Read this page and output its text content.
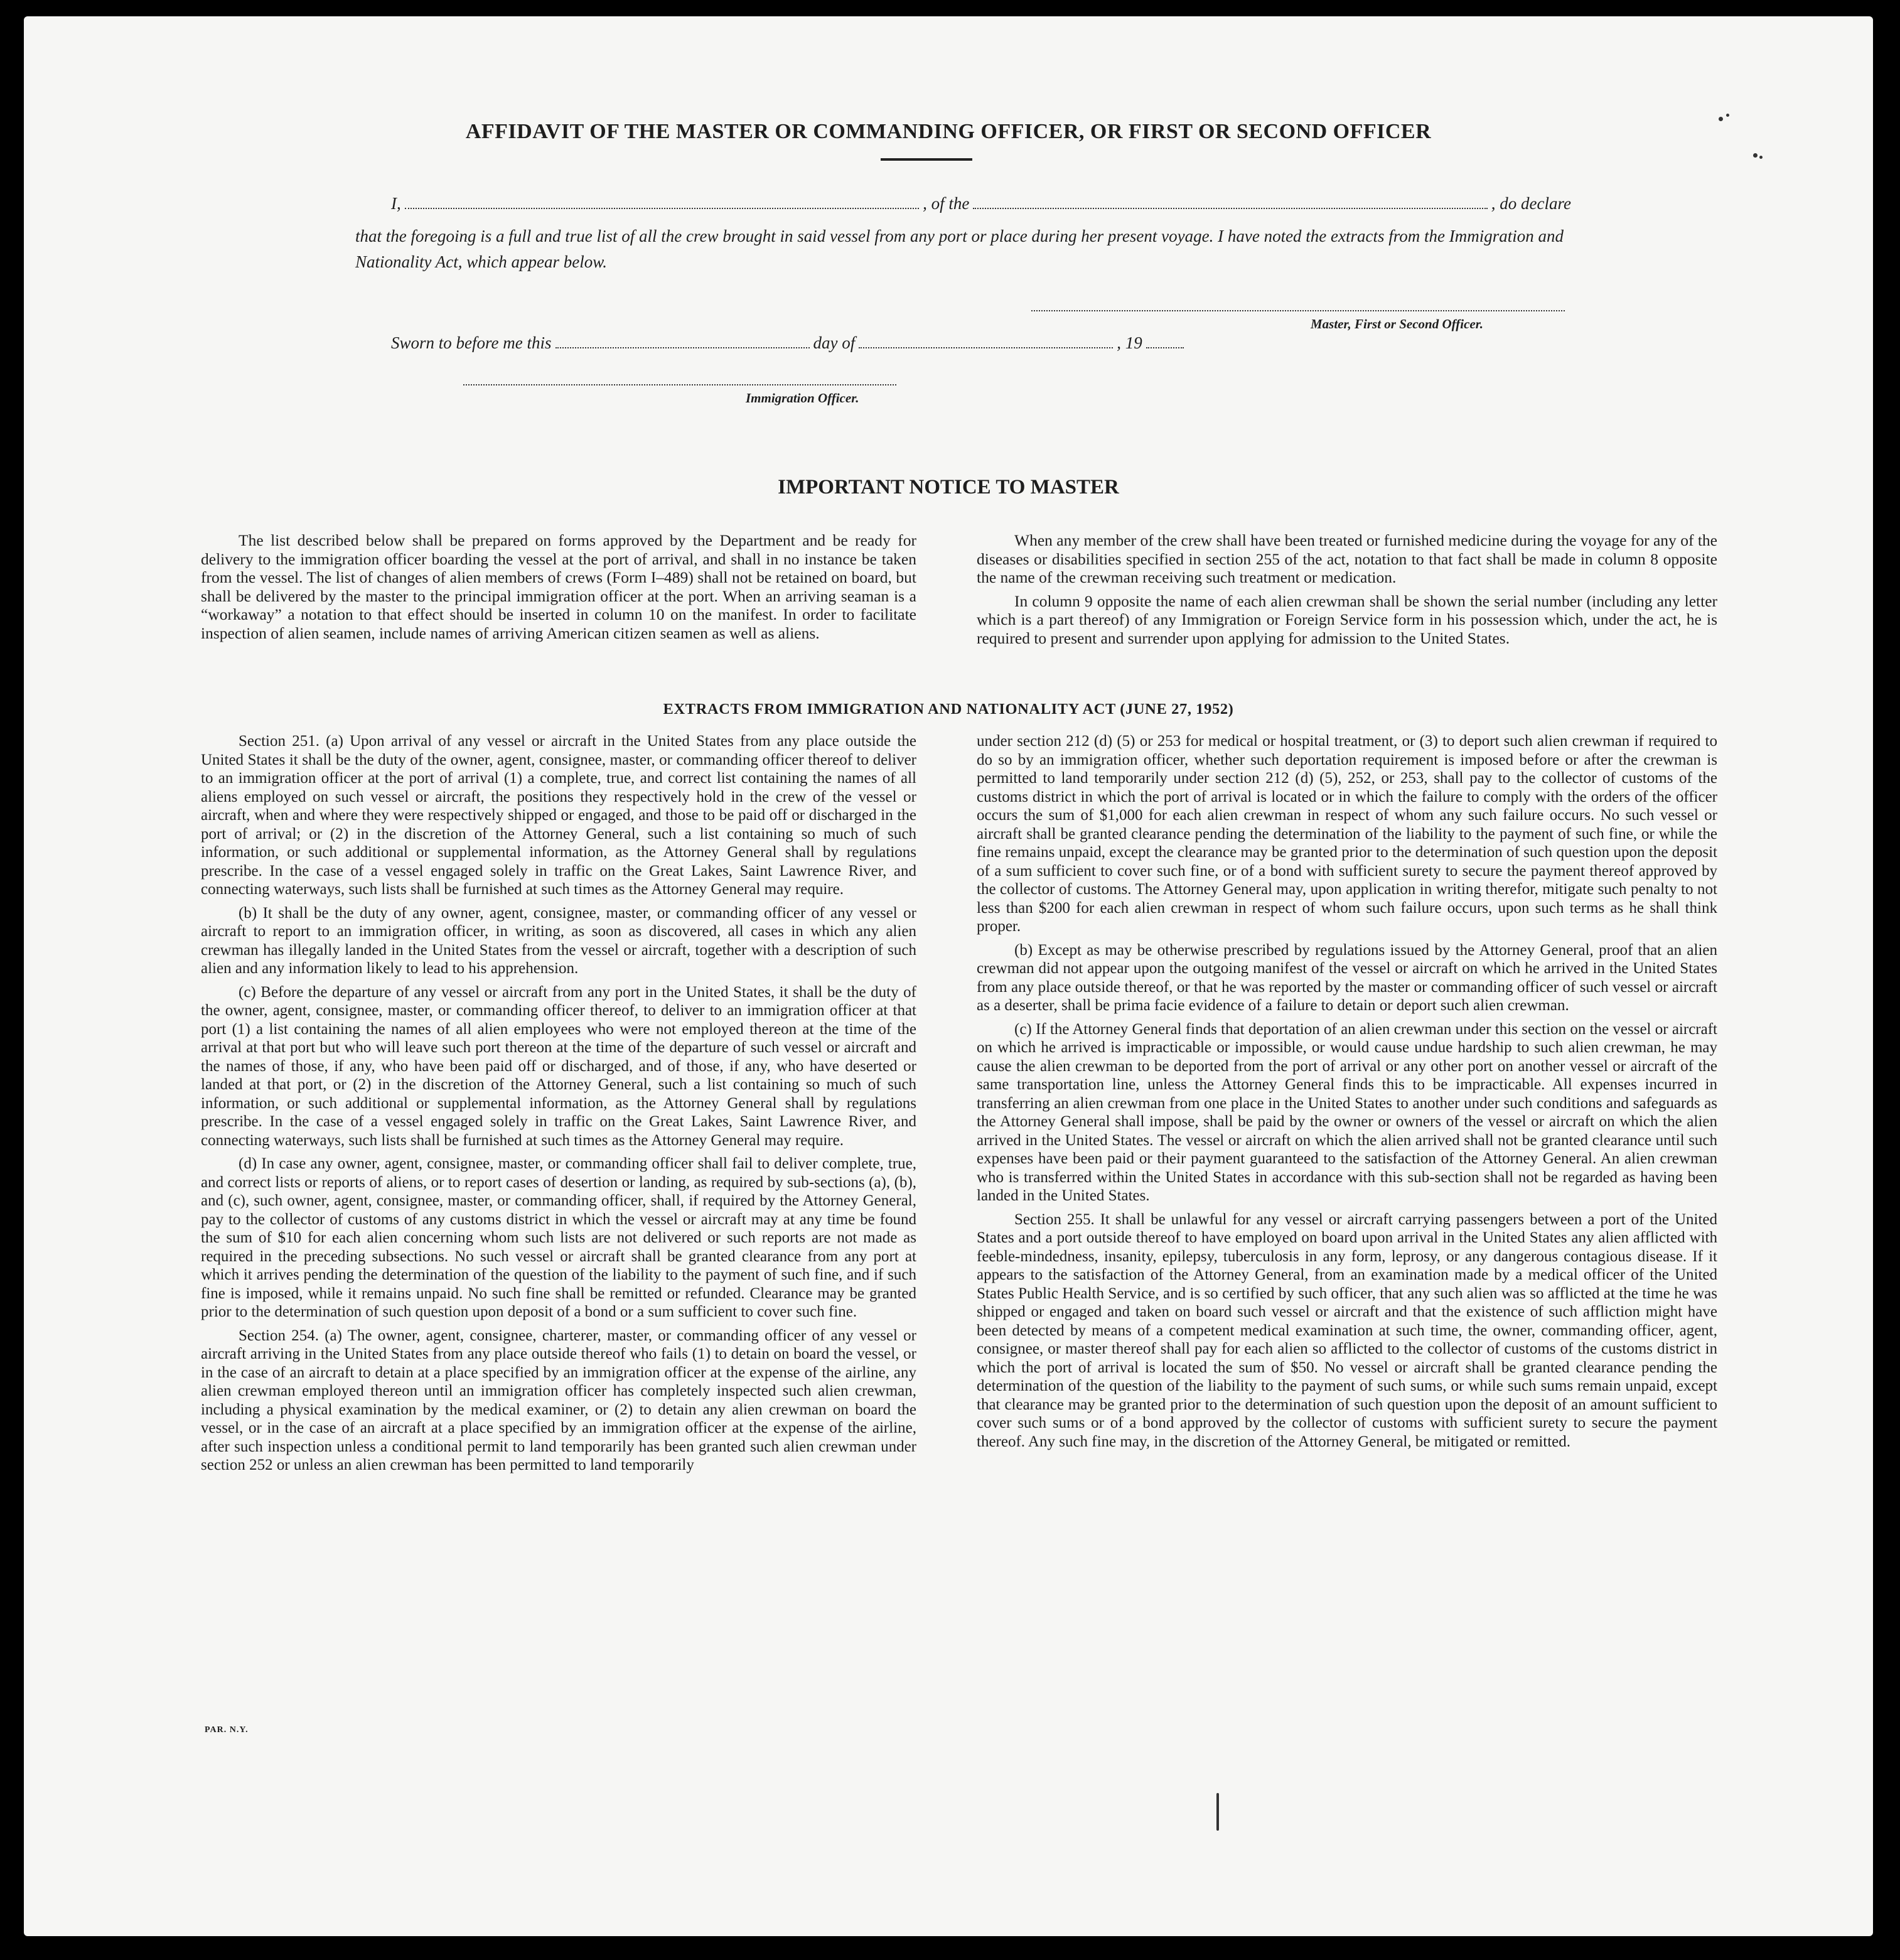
AFFIDAVIT OF THE MASTER OR COMMANDING OFFICER, OR FIRST OR SECOND OFFICER
I,	, of the	, do declare

that the foregoing is a full and true list of all the crew brought in said vessel from any port or place during her present voyage. I have noted the extracts from the Immigration and Nationality Act, which appear below.

Master, First or Second Officer.
Sworn to before me this	day of	, 19
Immigration Officer.
IMPORTANT NOTICE TO MASTER

The list described below shall be prepared on forms approved by the Department and be ready for delivery to the immigration officer boarding the vessel at the port of arrival, and shall in no instance be taken from the vessel. The list of changes of alien members of crews (Form I–489) shall not be retained on board, but shall be delivered by the master to the principal immigration officer at the port. When an arriving seaman is a “workaway” a notation to that effect should be inserted in column 10 on the manifest. In order to facilitate inspection of alien seamen, include names of arriving American citizen seamen as well as aliens.

When any member of the crew shall have been treated or furnished medicine during the voyage for any of the diseases or disabilities specified in section 255 of the act, notation to that fact shall be made in column 8 opposite the name of the crewman receiving such treatment or medication.

In column 9 opposite the name of each alien crewman shall be shown the serial number (including any letter which is a part thereof) of any Immigration or Foreign Service form in his possession which, under the act, he is required to present and surrender upon applying for admission to the United States.

EXTRACTS FROM IMMIGRATION AND NATIONALITY ACT (JUNE 27, 1952)

Section 251. (a) Upon arrival of any vessel or aircraft in the United States from any place outside the United States it shall be the duty of the owner, agent, consignee, master, or commanding officer thereof to deliver to an immigration officer at the port of arrival (1) a complete, true, and correct list containing the names of all aliens employed on such vessel or aircraft, the positions they respectively hold in the crew of the vessel or aircraft, when and where they were respectively shipped or engaged, and those to be paid off or discharged in the port of arrival; or (2) in the discretion of the Attorney General, such a list containing so much of such information, or such additional or supplemental information, as the Attorney General shall by regulations prescribe. In the case of a vessel engaged solely in traffic on the Great Lakes, Saint Lawrence River, and connecting waterways, such lists shall be furnished at such times as the Attorney General may require.

(b) It shall be the duty of any owner, agent, consignee, master, or commanding officer of any vessel or aircraft to report to an immigration officer, in writing, as soon as discovered, all cases in which any alien crewman has illegally landed in the United States from the vessel or aircraft, together with a description of such alien and any information likely to lead to his apprehension.

(c) Before the departure of any vessel or aircraft from any port in the United States, it shall be the duty of the owner, agent, consignee, master, or commanding officer thereof, to deliver to an immigration officer at that port (1) a list containing the names of all alien employees who were not employed thereon at the time of the arrival at that port but who will leave such port thereon at the time of the departure of such vessel or aircraft and the names of those, if any, who have been paid off or discharged, and of those, if any, who have deserted or landed at that port, or (2) in the discretion of the Attorney General, such a list containing so much of such information, or such additional or supplemental information, as the Attorney General shall by regulations prescribe. In the case of a vessel engaged solely in traffic on the Great Lakes, Saint Lawrence River, and connecting waterways, such lists shall be furnished at such times as the Attorney General may require.

(d) In case any owner, agent, consignee, master, or commanding officer shall fail to deliver complete, true, and correct lists or reports of aliens, or to report cases of desertion or landing, as required by sub-sections (a), (b), and (c), such owner, agent, consignee, master, or commanding officer, shall, if required by the Attorney General, pay to the collector of customs of any customs district in which the vessel or aircraft may at any time be found the sum of $10 for each alien concerning whom such lists are not delivered or such reports are not made as required in the preceding subsections. No such vessel or aircraft shall be granted clearance from any port at which it arrives pending the determination of the question of the liability to the payment of such fine, and if such fine is imposed, while it remains unpaid. No such fine shall be remitted or refunded. Clearance may be granted prior to the determination of such question upon deposit of a bond or a sum sufficient to cover such fine.

Section 254. (a) The owner, agent, consignee, charterer, master, or commanding officer of any vessel or aircraft arriving in the United States from any place outside thereof who fails (1) to detain on board the vessel, or in the case of an aircraft to detain at a place specified by an immigration officer at the expense of the airline, any alien crewman employed thereon until an immigration officer has completely inspected such alien crewman, including a physical examination by the medical examiner, or (2) to detain any alien crewman on board the vessel, or in the case of an aircraft at a place specified by an immigration officer at the expense of the airline, after such inspection unless a conditional permit to land temporarily has been granted such alien crewman under section 252 or unless an alien crewman has been permitted to land temporarily

under section 212 (d) (5) or 253 for medical or hospital treatment, or (3) to deport such alien crewman if required to do so by an immigration officer, whether such deportation requirement is imposed before or after the crewman is permitted to land temporarily under section 212 (d) (5), 252, or 253, shall pay to the collector of customs of the customs district in which the port of arrival is located or in which the failure to comply with the orders of the officer occurs the sum of $1,000 for each alien crewman in respect of whom any such failure occurs. No such vessel or aircraft shall be granted clearance pending the determination of the liability to the payment of such fine, or while the fine remains unpaid, except the clearance may be granted prior to the determination of such question upon the deposit of a sum sufficient to cover such fine, or of a bond with sufficient surety to secure the payment thereof approved by the collector of customs. The Attorney General may, upon application in writing therefor, mitigate such penalty to not less than $200 for each alien crewman in respect of whom such failure occurs, upon such terms as he shall think proper.

(b) Except as may be otherwise prescribed by regulations issued by the Attorney General, proof that an alien crewman did not appear upon the outgoing manifest of the vessel or aircraft on which he arrived in the United States from any place outside thereof, or that he was reported by the master or commanding officer of such vessel or aircraft as a deserter, shall be prima facie evidence of a failure to detain or deport such alien crewman.

(c) If the Attorney General finds that deportation of an alien crewman under this section on the vessel or aircraft on which he arrived is impracticable or impossible, or would cause undue hardship to such alien crewman, he may cause the alien crewman to be deported from the port of arrival or any other port on another vessel or aircraft of the same transportation line, unless the Attorney General finds this to be impracticable. All expenses incurred in transferring an alien crewman from one place in the United States to another under such conditions and safeguards as the Attorney General shall impose, shall be paid by the owner or owners of the vessel or aircraft on which the alien arrived in the United States. The vessel or aircraft on which the alien arrived shall not be granted clearance until such expenses have been paid or their payment guaranteed to the satisfaction of the Attorney General. An alien crewman who is transferred within the United States in accordance with this sub-section shall not be regarded as having been landed in the United States.

Section 255. It shall be unlawful for any vessel or aircraft carrying passengers between a port of the United States and a port outside thereof to have employed on board upon arrival in the United States any alien afflicted with feeble-mindedness, insanity, epilepsy, tuberculosis in any form, leprosy, or any dangerous contagious disease. If it appears to the satisfaction of the Attorney General, from an examination made by a medical officer of the United States Public Health Service, and is so certified by such officer, that any such alien was so afflicted at the time he was shipped or engaged and taken on board such vessel or aircraft and that the existence of such affliction might have been detected by means of a competent medical examination at such time, the owner, commanding officer, agent, consignee, or master thereof shall pay for each alien so afflicted to the collector of customs of the customs district in which the port of arrival is located the sum of $50. No vessel or aircraft shall be granted clearance pending the determination of the question of the liability to the payment of such sums, or while such sums remain unpaid, except that clearance may be granted prior to the determination of such question upon the deposit of an amount sufficient to cover such sums or of a bond approved by the collector of customs with sufficient surety to secure the payment thereof. Any such fine may, in the discretion of the Attorney General, be mitigated or remitted.

PAR. N.Y.
